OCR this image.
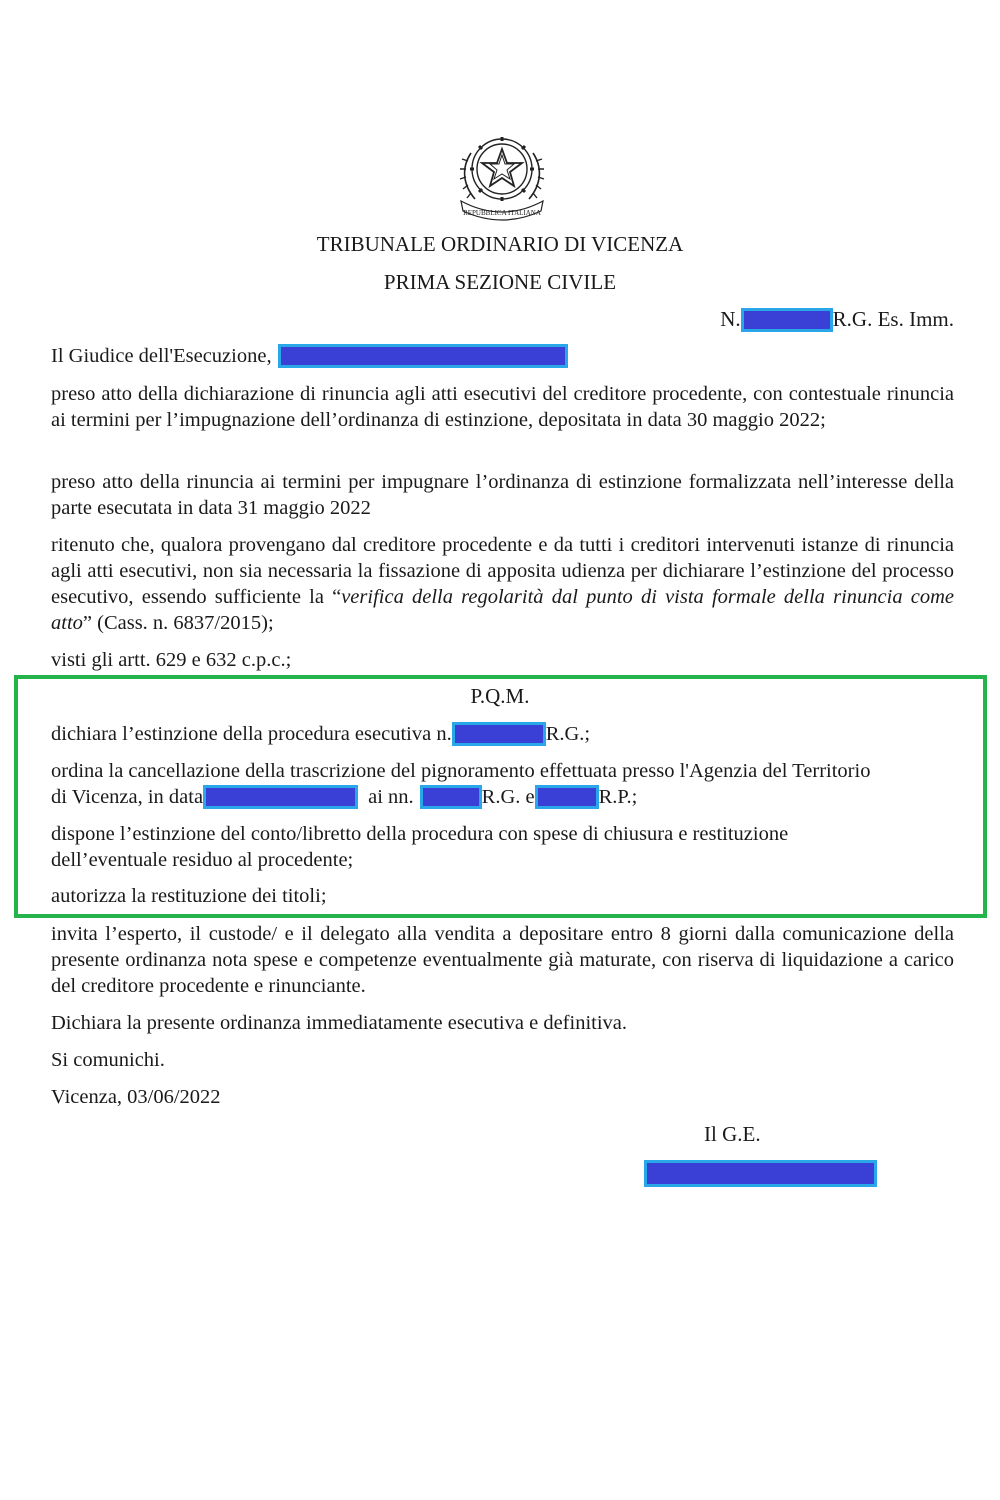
REPUBBLICA ITALIANA
TRIBUNALE ORDINARIO DI VICENZA
PRIMA SEZIONE CIVILE
N.	R.G. Es. Imm.
Il Giudice dell'Esecuzione,
preso atto della dichiarazione di rinuncia agli atti esecutivi del creditore procedente, con contestuale rinuncia ai termini per l’impugnazione dell’ordinanza di estinzione, depositata in data 30 maggio 2022;
preso atto della rinuncia ai termini per impugnare l’ordinanza di estinzione formalizzata nell’interesse della parte esecutata in data 31 maggio 2022
ritenuto che, qualora provengano dal creditore procedente e da tutti i creditori intervenuti istanze di rinuncia agli atti esecutivi, non sia necessaria la fissazione di apposita udienza per dichiarare l’estinzione del processo esecutivo, essendo sufficiente la “verifica della regolarità dal punto di vista formale della rinuncia come atto” (Cass. n. 6837/2015);
visti gli artt. 629 e 632 c.p.c.;
P.Q.M.
dichiara l’estinzione della procedura esecutiva n.	R.G.;
ordina la cancellazione della trascrizione del pignoramento effettuata presso l'Agenzia del Territorio
di Vicenza, in data	ai nn.	R.G. e	R.P.;
dispone l’estinzione del conto/libretto della procedura con spese di chiusura e restituzione dell’eventuale residuo al procedente;
autorizza la restituzione dei titoli;
invita l’esperto, il custode/ e il delegato alla vendita a depositare entro 8 giorni dalla comunicazione della presente ordinanza nota spese e competenze eventualmente già maturate, con riserva di liquidazione a carico del creditore procedente e rinunciante.
Dichiara la presente ordinanza immediatamente esecutiva e definitiva.
Si comunichi.
Vicenza, 03/06/2022
Il G.E.
